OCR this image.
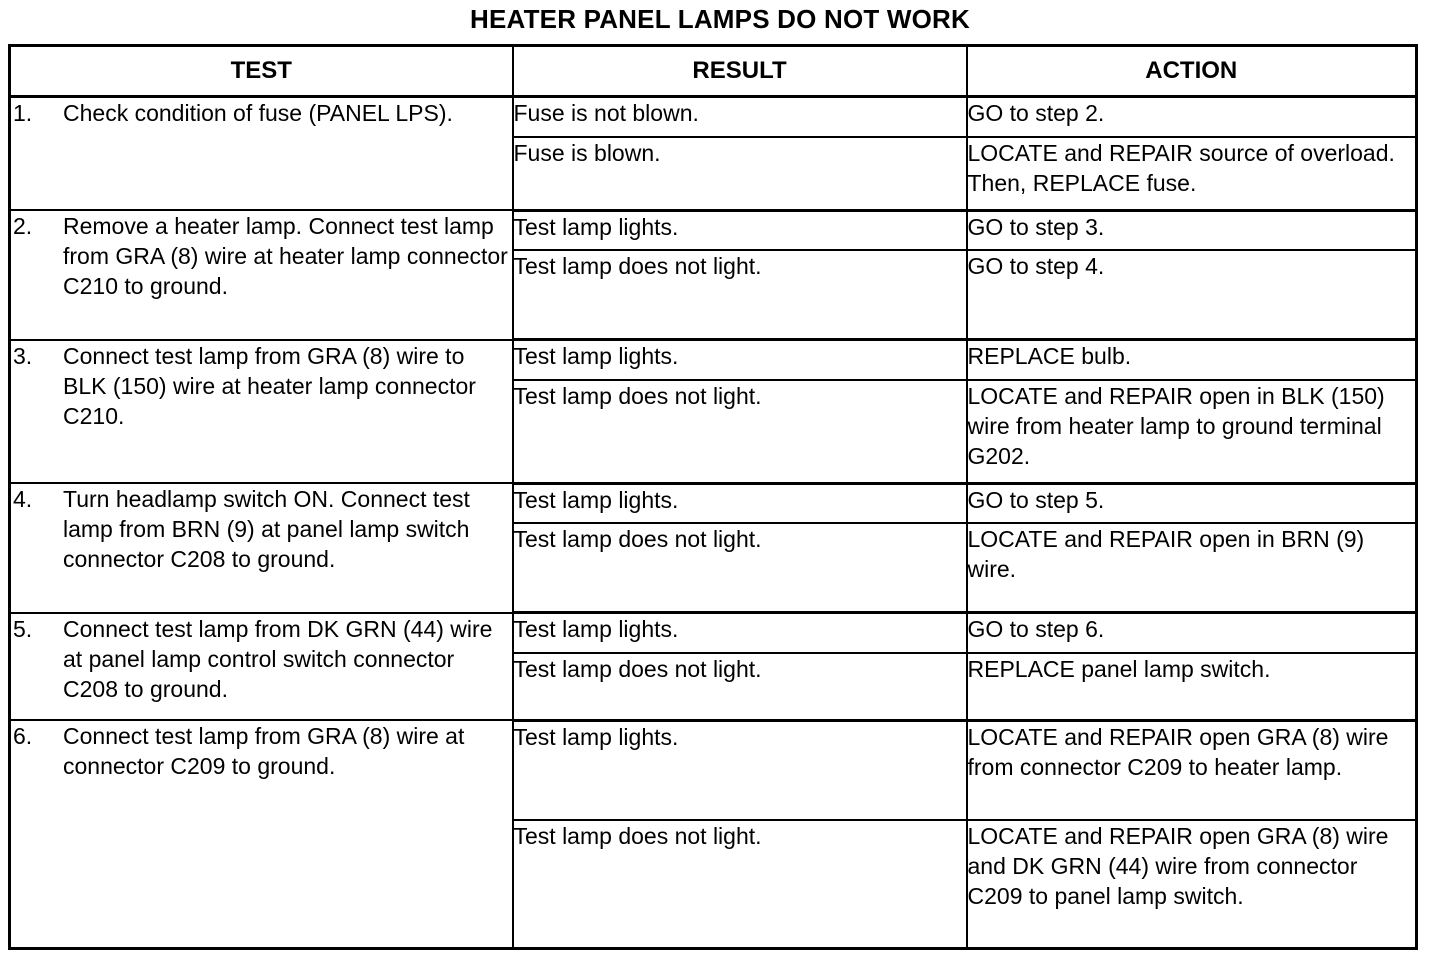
HEATER PANEL LAMPS DO NOT WORK
TEST	RESULT	ACTION

1. Check condition of fuse (PANEL LPS).	Fuse is not blown.	GO to step 2.
	Fuse is blown.	LOCATE and REPAIR source of overload. Then, REPLACE fuse.

2. Remove a heater lamp. Connect test lamp from GRA (8) wire at heater lamp connector C210 to ground.	Test lamp lights.	GO to step 3.
	Test lamp does not light.	GO to step 4.

3. Connect test lamp from GRA (8) wire to BLK (150) wire at heater lamp connector C210.	Test lamp lights.	REPLACE bulb.
	Test lamp does not light.	LOCATE and REPAIR open in BLK (150) wire from heater lamp to ground terminal G202.

4. Turn headlamp switch ON. Connect test lamp from BRN (9) at panel lamp switch connector C208 to ground.	Test lamp lights.	GO to step 5.
	Test lamp does not light.	LOCATE and REPAIR open in BRN (9) wire.

5. Connect test lamp from DK GRN (44) wire at panel lamp control switch connector C208 to ground.	Test lamp lights.	GO to step 6.
	Test lamp does not light.	REPLACE panel lamp switch.

6. Connect test lamp from GRA (8) wire at connector C209 to ground.	Test lamp lights.	LOCATE and REPAIR open GRA (8) wire from connector C209 to heater lamp.
	Test lamp does not light.	LOCATE and REPAIR open GRA (8) wire and DK GRN (44) wire from connector C209 to panel lamp switch.
